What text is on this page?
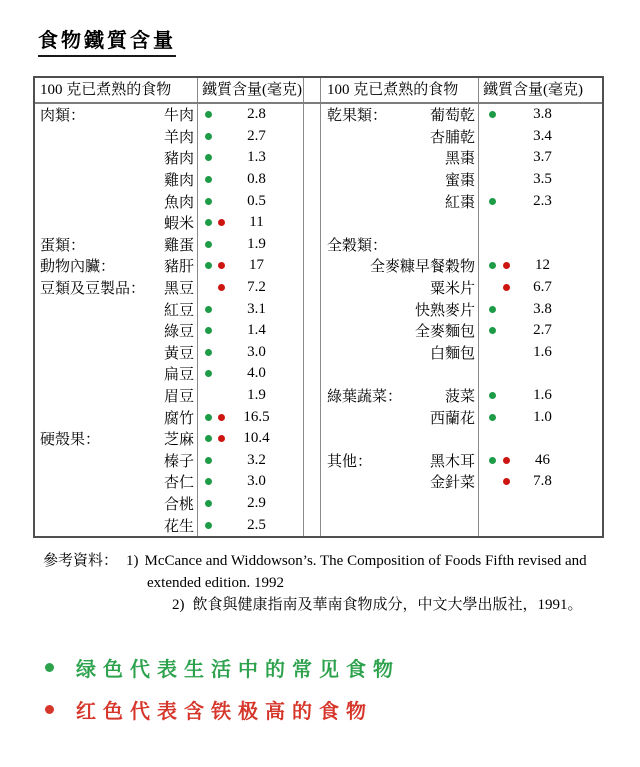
食物鐵質含量
100 克已煮熟的食物	鐵質含量(毫克)	100 克已煮熟的食物	鐵質含量(毫克)
肉類：	牛肉	2.8
羊肉	2.7
豬肉	1.3
雞肉	0.8
魚肉	0.5
蝦米	11
蛋類：	雞蛋	1.9
動物內臟：	豬肝	17
豆類及豆製品： 黑豆	7.2
紅豆	3.1
綠豆	1.4
黃豆	3.0
扁豆	4.0
眉豆	1.9
腐竹	16.5
硬殼果：	芝麻	10.4
榛子	3.2
杏仁	3.0
合桃	2.9
花生	2.5
乾果類：	葡萄乾	3.8
杏脯乾	3.4
黑棗	3.7
蜜棗	3.5
紅棗	2.3
全穀類：
全麥糠早餐穀物	12
粟米片	6.7
快熟麥片	3.8
全麥麵包	2.7
白麵包	1.6
綠葉蔬菜：	菠菜	1.6
西蘭花	1.0
其他：	黑木耳	46
金針菜	7.8
參考資料： 1) McCance and Widdowson’s. The Composition of Foods Fifth revised and
extended edition. 1992
2) 飲食與健康指南及華南食物成分，中文大學出版社，1991。
绿色代表生活中的常见食物
红色代表含铁极高的食物
